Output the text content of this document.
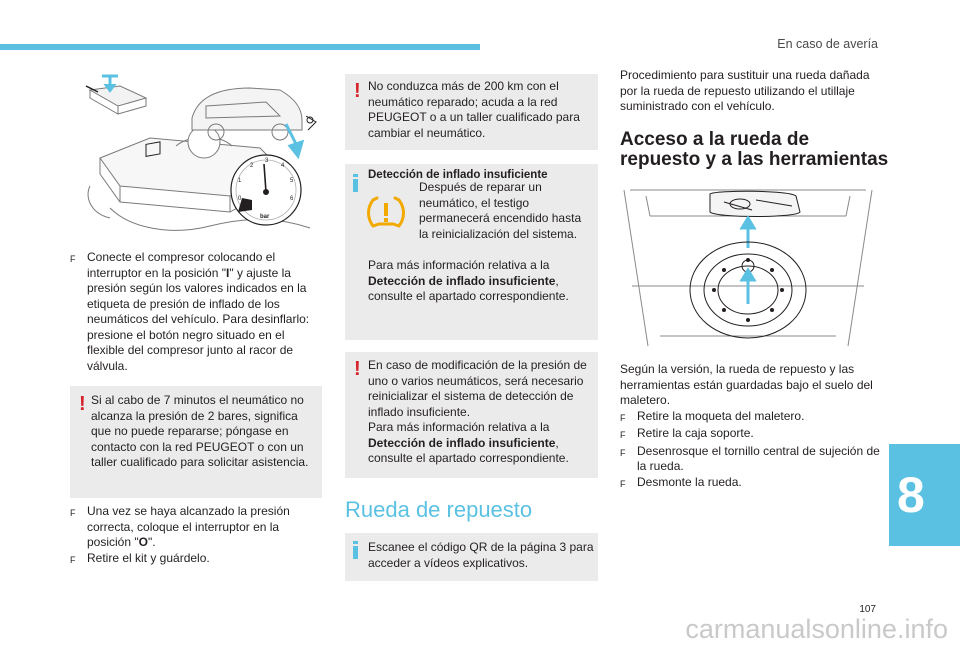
En caso de avería
0
1
2
3
4
5
6
bar
F Conecte el compresor colocando el interruptor en la posición "I" y ajuste la presión según los valores indicados en la etiqueta de presión de inflado de los neumáticos del vehículo. Para desinflarlo: presione el botón negro situado en el flexible del compresor junto al racor de válvula.
! Si al cabo de 7 minutos el neumático no alcanza la presión de 2 bares, significa que no puede repararse; póngase en contacto con la red PEUGEOT o con un taller cualificado para solicitar asistencia.
F Una vez se haya alcanzado la presión correcta, coloque el interruptor en la posición "O".
F Retire el kit y guárdelo.
! No conduzca más de 200 km con el neumático reparado; acuda a la red PEUGEOT o a un taller cualificado para cambiar el neumático.
Detección de inflado insuficiente
Después de reparar un neumático, el testigo permanecerá encendido hasta la reinicialización del sistema.
Para más información relativa a la Detección de inflado insuficiente, consulte el apartado correspondiente.
! En caso de modificación de la presión de uno o varios neumáticos, será necesario reinicializar el sistema de detección de inflado insuficiente.
Para más información relativa a la Detección de inflado insuficiente, consulte el apartado correspondiente.
Rueda de repuesto
Escanee el código QR de la página 3 para acceder a vídeos explicativos.
Procedimiento para sustituir una rueda dañada por la rueda de repuesto utilizando el utillaje suministrado con el vehículo.
Acceso a la rueda de repuesto y a las herramientas
Según la versión, la rueda de repuesto y las herramientas están guardadas bajo el suelo del maletero.
F Retire la moqueta del maletero.
F Retire la caja soporte.
F Desenrosque el tornillo central de sujeción de la rueda.
F Desmonte la rueda.	8
107
carmanualsonline.info
